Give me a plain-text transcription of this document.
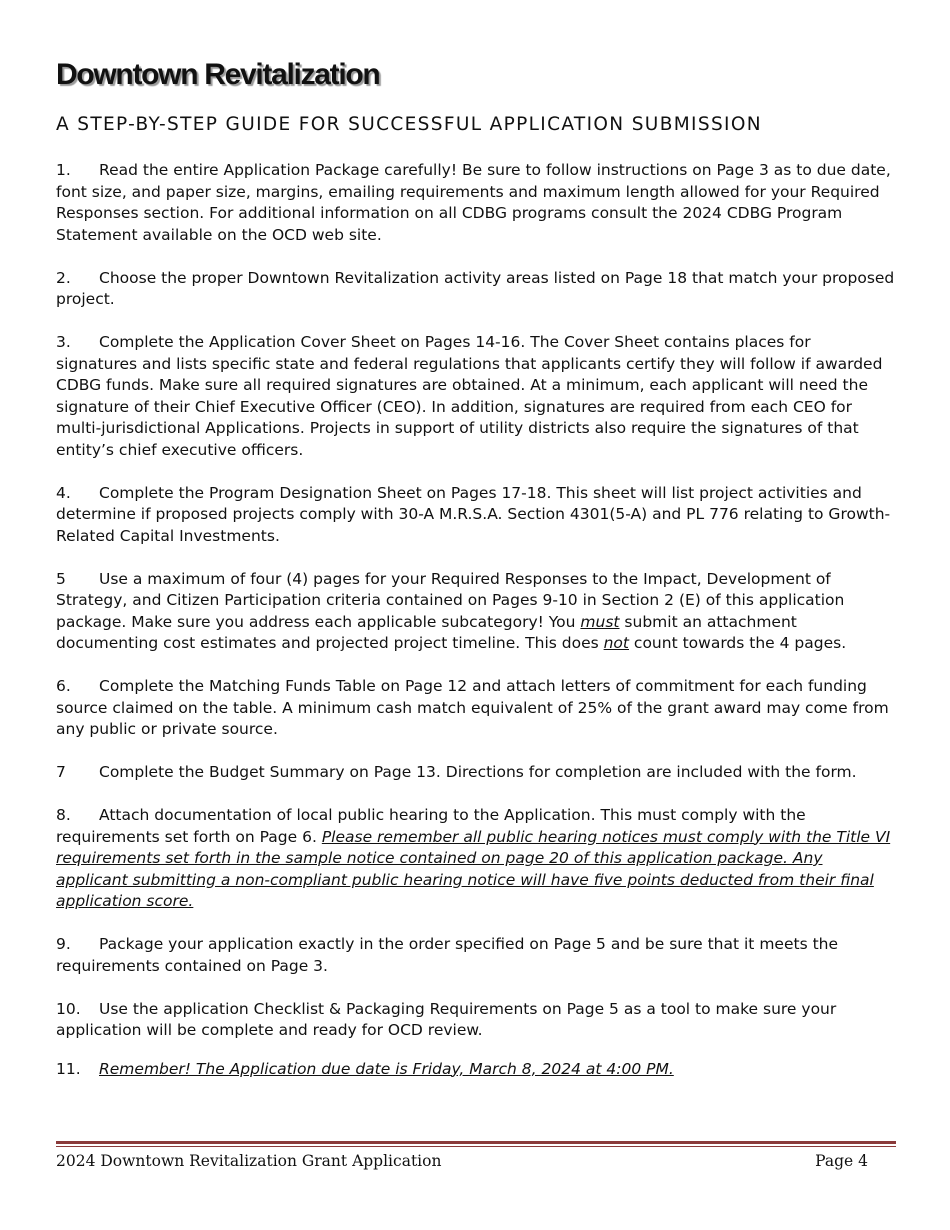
Downtown Revitalization
A STEP-BY-STEP GUIDE FOR SUCCESSFUL APPLICATION SUBMISSION

1. Read the entire Application Package carefully! Be sure to follow instructions on Page 3 as to due date, font size, and paper size, margins, emailing requirements and maximum length allowed for your Required Responses section. For additional information on all CDBG programs consult the 2024 CDBG Program Statement available on the OCD web site.

2. Choose the proper Downtown Revitalization activity areas listed on Page 18 that match your proposed project.

3. Complete the Application Cover Sheet on Pages 14-16. The Cover Sheet contains places for signatures and lists specific state and federal regulations that applicants certify they will follow if awarded CDBG funds. Make sure all required signatures are obtained. At a minimum, each applicant will need the signature of their Chief Executive Officer (CEO). In addition, signatures are required from each CEO for multi-jurisdictional Applications. Projects in support of utility districts also require the signatures of that entity’s chief executive officers.

4. Complete the Program Designation Sheet on Pages 17-18. This sheet will list project activities and determine if proposed projects comply with 30-A M.R.S.A. Section 4301(5-A) and PL 776 relating to Growth-Related Capital Investments.

5 Use a maximum of four (4) pages for your Required Responses to the Impact, Development of Strategy, and Citizen Participation criteria contained on Pages 9-10 in Section 2 (E) of this application package. Make sure you address each applicable subcategory! You must submit an attachment documenting cost estimates and projected project timeline. This does not count towards the 4 pages.

6. Complete the Matching Funds Table on Page 12 and attach letters of commitment for each funding source claimed on the table. A minimum cash match equivalent of 25% of the grant award may come from any public or private source.

7 Complete the Budget Summary on Page 13. Directions for completion are included with the form.

8. Attach documentation of local public hearing to the Application. This must comply with the requirements set forth on Page 6. Please remember all public hearing notices must comply with the Title VI requirements set forth in the sample notice contained on page 20 of this application package. Any applicant submitting a non-compliant public hearing notice will have five points deducted from their final application score.

9. Package your application exactly in the order specified on Page 5 and be sure that it meets the requirements contained on Page 3.

10. Use the application Checklist & Packaging Requirements on Page 5 as a tool to make sure your application will be complete and ready for OCD review.

11. Remember! The Application due date is Friday, March 8, 2024 at 4:00 PM.

2024 Downtown Revitalization Grant Application	Page 4
